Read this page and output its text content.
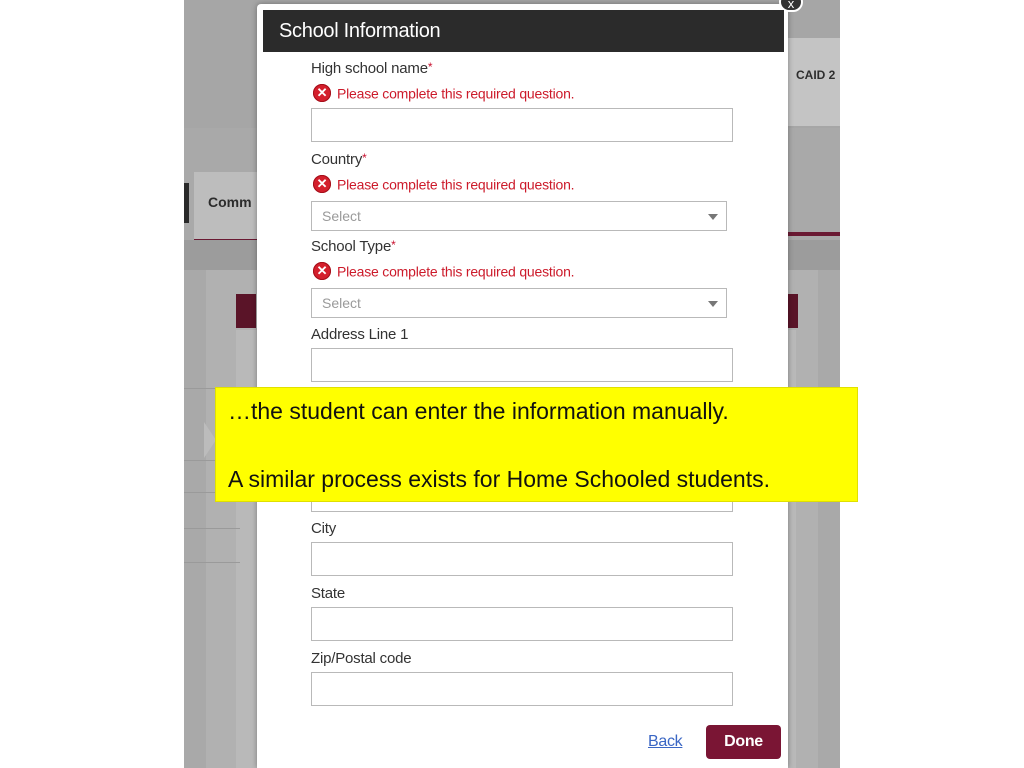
CAID 2
Comm
x
School Information
High school name*
✕ Please complete this required question.
Country*
✕ Please complete this required question.
Select
School Type*
✕ Please complete this required question.
Select
Address Line 1
City
State
Zip/Postal code
Back	Done

…the student can enter the information manually.

A similar process exists for Home Schooled students.
